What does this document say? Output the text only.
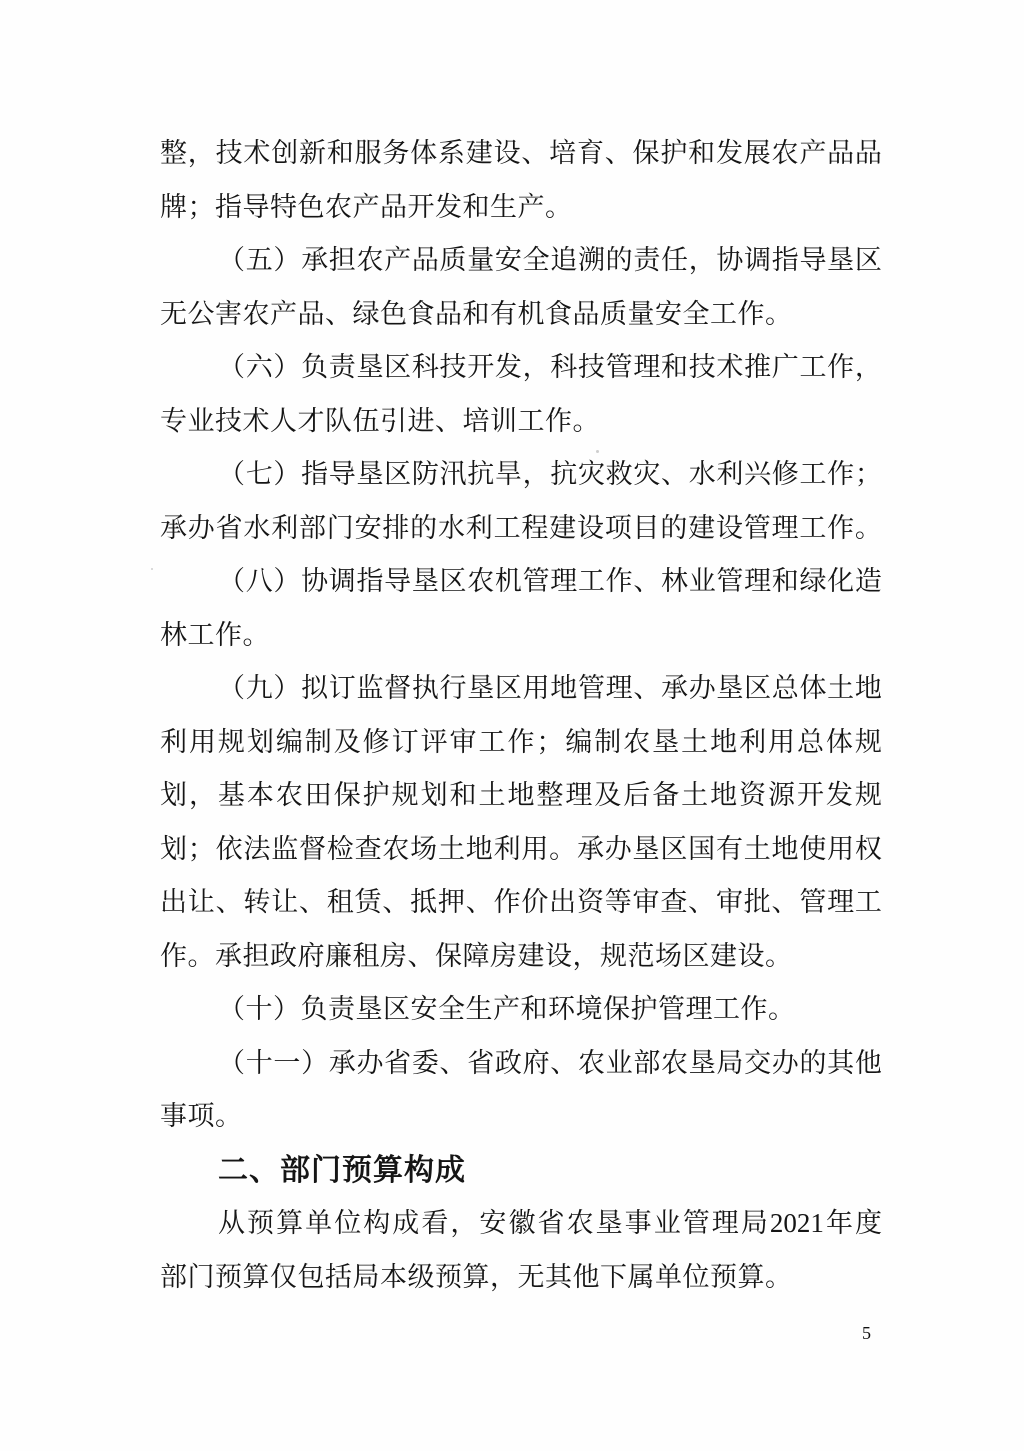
整 ， 技 术 创 新 和 服 务 体 系 建 设 、 培 育 、 保 护 和 发 展 农 产 品 品
牌；指导特色农产品开发和生产。
（ 五 ） 承 担 农 产 品 质 量 安 全 追 溯 的 责 任 ， 协 调 指 导 垦 区
无公害农产品、绿色食品和有机食品质量安全工作。
（ 六 ） 负 责 垦 区 科 技 开 发 ， 科 技 管 理 和 技 术 推 广 工 作 ，
专业技术人才队伍引进、培训工作。
（ 七 ） 指 导 垦 区 防 汛 抗 旱 ， 抗 灾 救 灾 、 水 利 兴 修 工 作 ；
承 办 省 水 利 部 门 安 排 的 水 利 工 程 建 设 项 目 的 建 设 管 理 工 作 。
（ 八 ） 协 调 指 导 垦 区 农 机 管 理 工 作 、 林 业 管 理 和 绿 化 造
林工作。
（ 九 ） 拟 订 监 督 执 行 垦 区 用 地 管 理 、 承 办 垦 区 总 体 土 地
利 用 规 划 编 制 及 修 订 评 审 工 作 ； 编 制 农 垦 土 地 利 用 总 体 规
划 ， 基 本 农 田 保 护 规 划 和 土 地 整 理 及 后 备 土 地 资 源 开 发 规
划 ； 依 法 监 督 检 查 农 场 土 地 利 用 。 承 办 垦 区 国 有 土 地 使 用 权
出 让 、 转 让 、 租 赁 、 抵 押 、 作 价 出 资 等 审 查 、 审 批 、 管 理 工
作。承担政府廉租房、保障房建设，规范场区建设。
（十）负责垦区安全生产和环境保护管理工作。
（ 十 一 ） 承 办 省 委 、 省 政 府 、 农 业 部 农 垦 局 交 办 的 其 他
事项。
二、部门预算构成
从 预 算 单 位 构 成 看 ， 安 徽 省 农 垦 事 业 管 理 局 2021 年 度
部门预算仅包括局本级预算，无其他下属单位预算。
5
